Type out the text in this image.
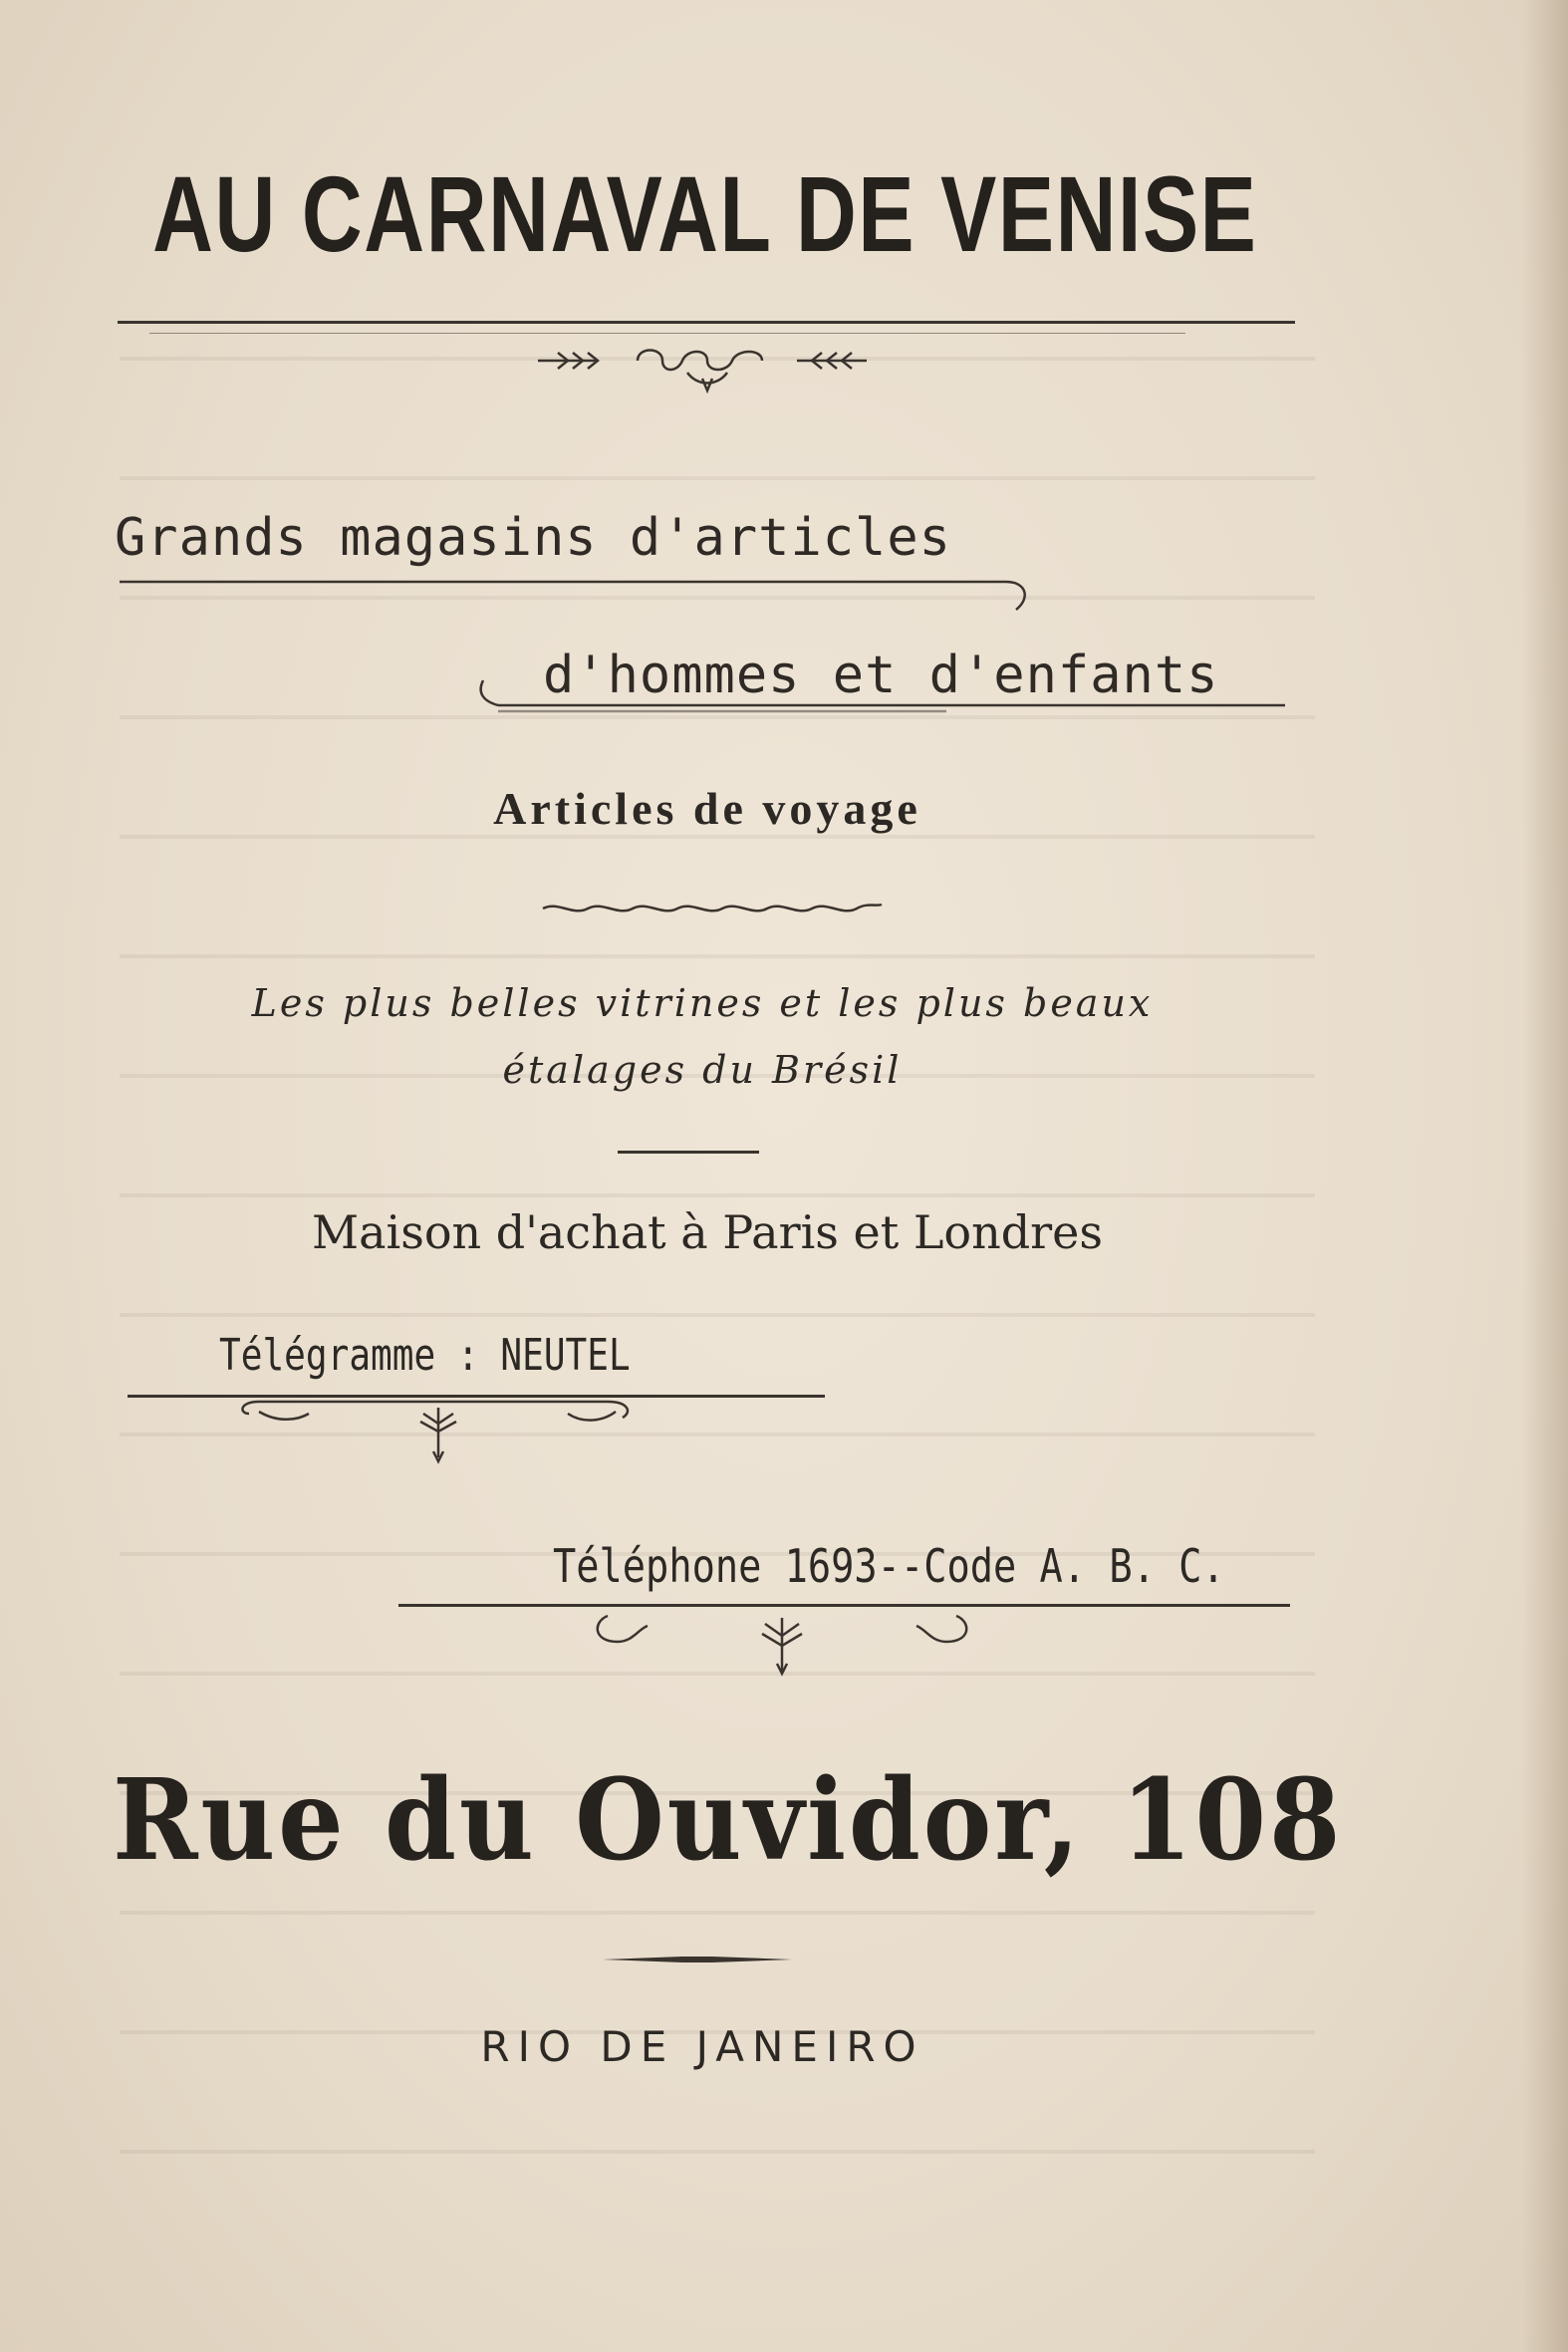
AU CARNAVAL DE VENISE
Grands magasins d'articles
d'hommes et d'enfants
Articles de voyage
Les plus belles vitrines et les plus beaux
étalages du Brésil
Maison d'achat à Paris et Londres
Télégramme : NEUTEL
Téléphone 1693--Code A. B. C.
Rue du Ouvidor, 108
RIO DE JANEIRO
